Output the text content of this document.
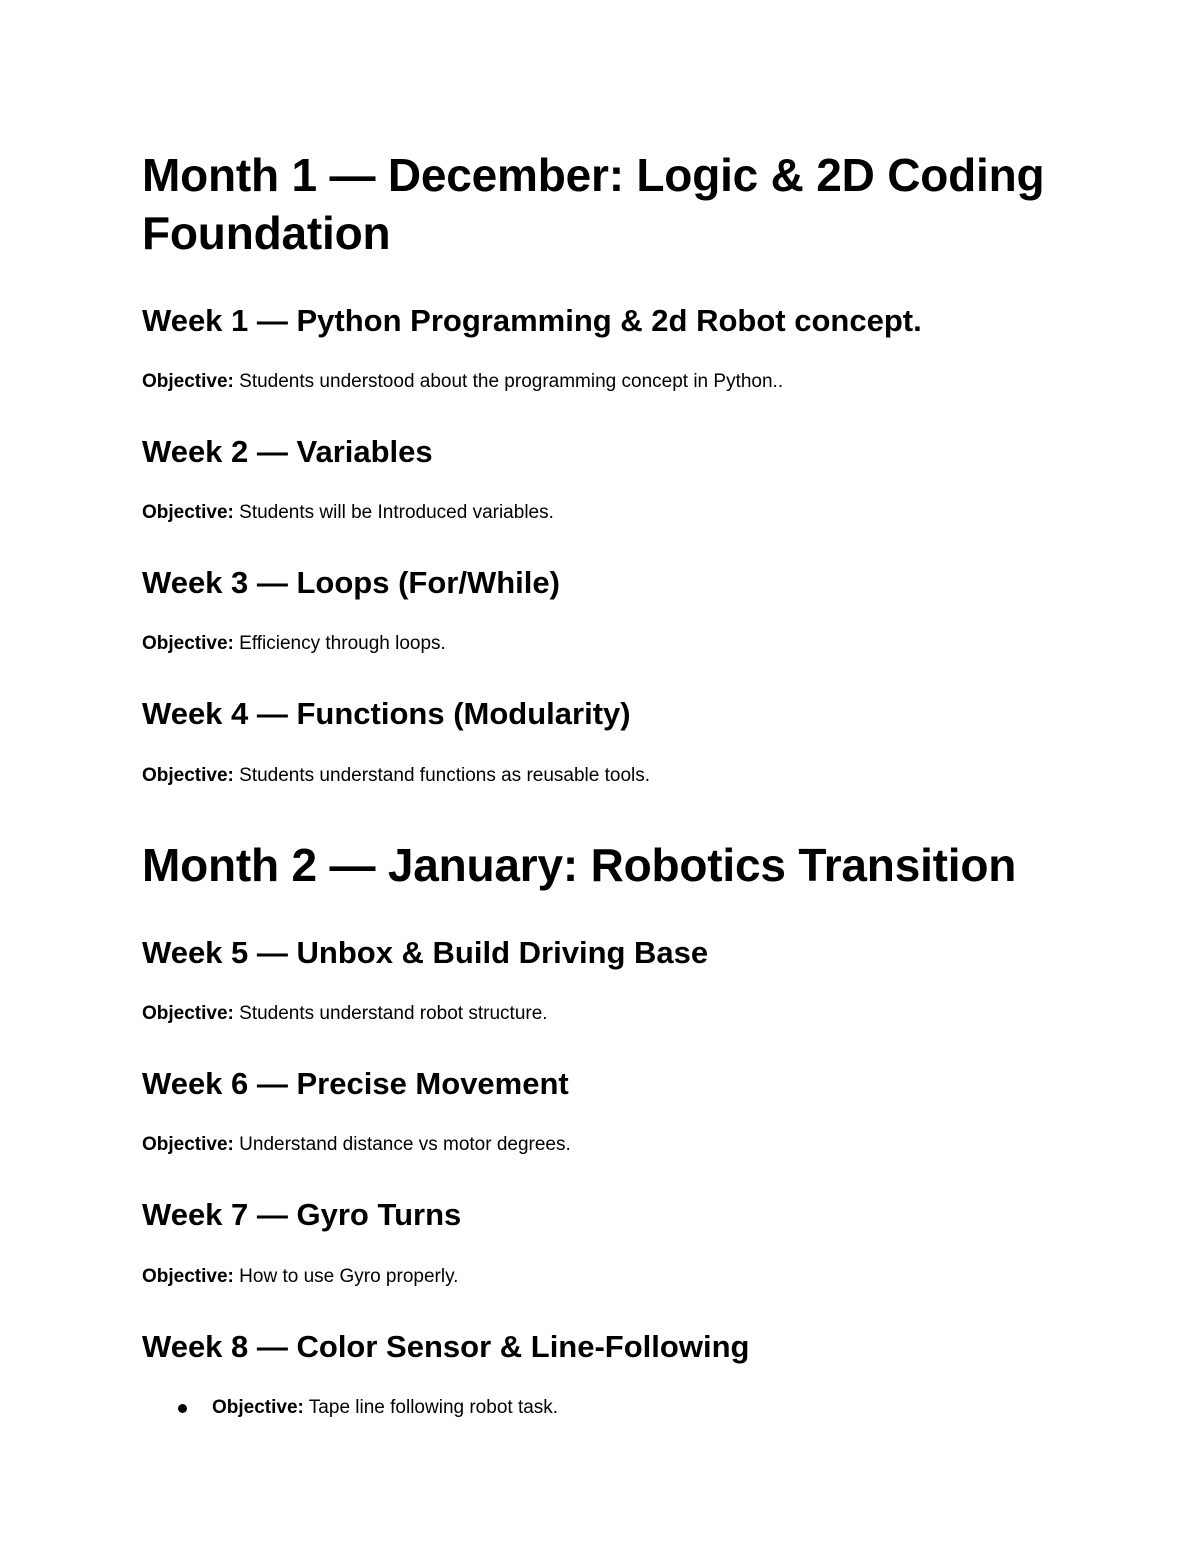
Month 1 — December: Logic & 2D Coding Foundation
Week 1 — Python Programming & 2d Robot concept.

Objective: Students understood about the programming concept in Python..

Week 2 — Variables

Objective: Students will be Introduced variables.

Week 3 — Loops (For/While)

Objective: Efficiency through loops.

Week 4 — Functions (Modularity)

Objective: Students understand functions as reusable tools.

Month 2 — January: Robotics Transition
Week 5 — Unbox & Build Driving Base

Objective: Students understand robot structure.

Week 6 — Precise Movement

Objective: Understand distance vs motor degrees.

Week 7 — Gyro Turns

Objective: How to use Gyro properly.

Week 8 — Color Sensor & Line-Following
Objective: Tape line following robot task.
